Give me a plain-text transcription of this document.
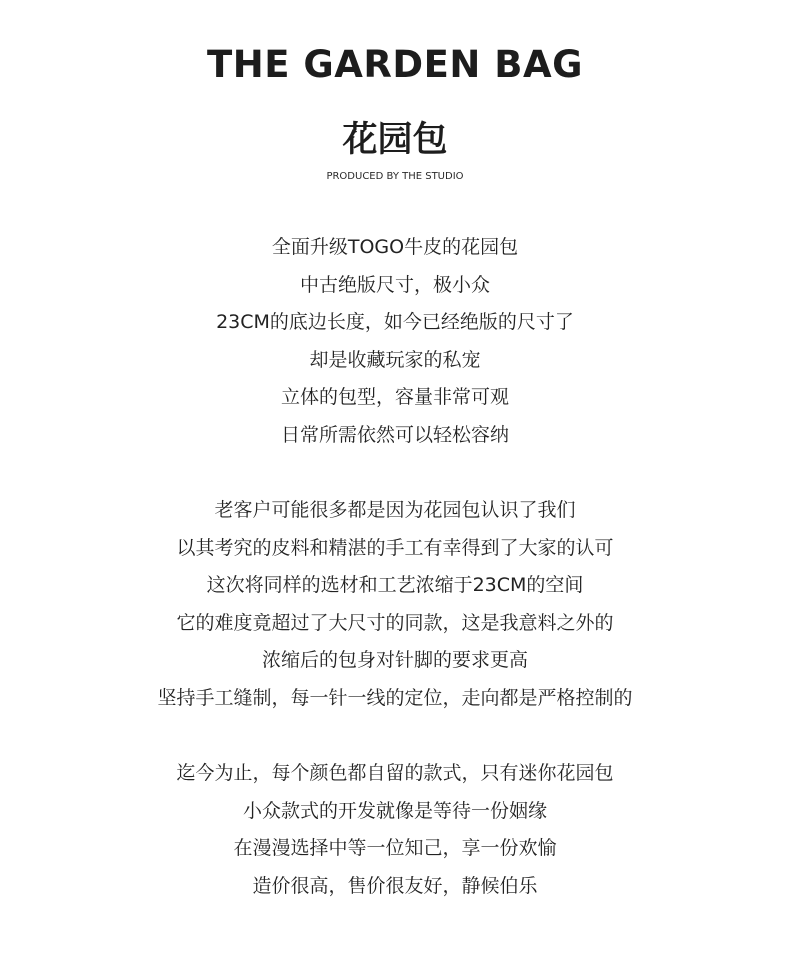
THE GARDEN BAG
花园包
PRODUCED BY THE STUDIO
全面升级TOGO牛皮的花园包
中古绝版尺寸，极小众
23CM的底边长度，如今已经绝版的尺寸了
却是收藏玩家的私宠
立体的包型，容量非常可观
日常所需依然可以轻松容纳
老客户可能很多都是因为花园包认识了我们
以其考究的皮料和精湛的手工有幸得到了大家的认可
这次将同样的选材和工艺浓缩于23CM的空间
它的难度竟超过了大尺寸的同款，这是我意料之外的
浓缩后的包身对针脚的要求更高
坚持手工缝制，每一针一线的定位，走向都是严格控制的
迄今为止，每个颜色都自留的款式，只有迷你花园包
小众款式的开发就像是等待一份姻缘
在漫漫选择中等一位知己，享一份欢愉
造价很高，售价很友好，静候伯乐
